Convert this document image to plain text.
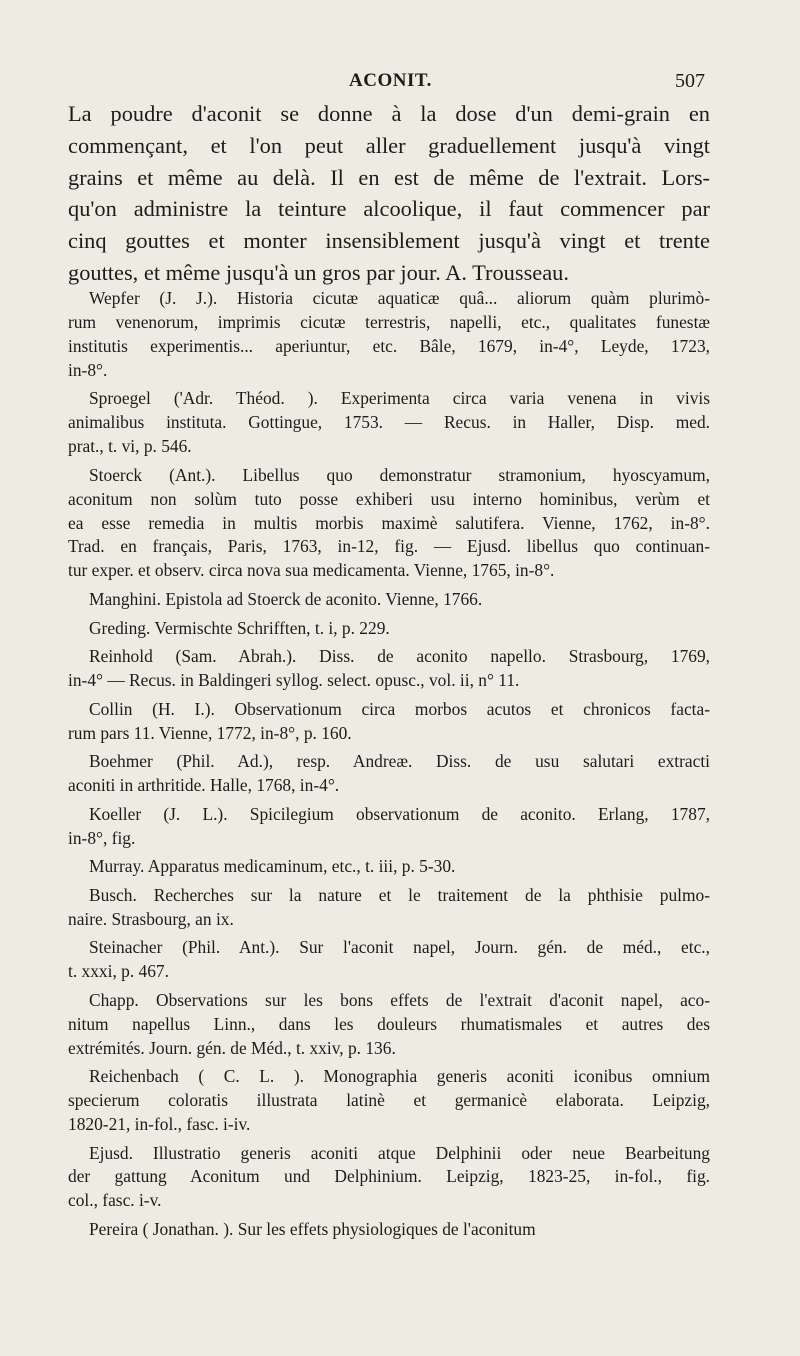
ACONIT.	507
La poudre d'aconit se donne à la dose d'un demi-grain en
commençant, et l'on peut aller graduellement jusqu'à vingt
grains et même au delà. Il en est de même de l'extrait. Lors-
qu'on administre la teinture alcoolique, il faut commencer par
cinq gouttes et monter insensiblement jusqu'à vingt et trente
gouttes, et même jusqu'à un gros par jour. A. Trousseau.
Wepfer (J. J.). Historia cicutæ aquaticæ quâ... aliorum quàm plurimò-
rum venenorum, imprimis cicutæ terrestris, napelli, etc., qualitates funestæ
institutis experimentis... aperiuntur, etc. Bâle, 1679, in-4°, Leyde, 1723,
in-8°.
Sproegel ('Adr. Théod. ). Experimenta circa varia venena in vivis
animalibus instituta. Gottingue, 1753. — Recus. in Haller, Disp. med.
prat., t. vi, p. 546.
Stoerck (Ant.). Libellus quo demonstratur stramonium, hyoscyamum,
aconitum non solùm tuto posse exhiberi usu interno hominibus, verùm et
ea esse remedia in multis morbis maximè salutifera. Vienne, 1762, in-8°.
Trad. en français, Paris, 1763, in-12, fig. — Ejusd. libellus quo continuan-
tur exper. et observ. circa nova sua medicamenta. Vienne, 1765, in-8°.
Manghini. Epistola ad Stoerck de aconito. Vienne, 1766.
Greding. Vermischte Schrifften, t. i, p. 229.
Reinhold (Sam. Abrah.). Diss. de aconito napello. Strasbourg, 1769,
in-4° — Recus. in Baldingeri syllog. select. opusc., vol. ii, n° 11.
Collin (H. I.). Observationum circa morbos acutos et chronicos facta-
rum pars 11. Vienne, 1772, in-8°, p. 160.
Boehmer (Phil. Ad.), resp. Andreæ. Diss. de usu salutari extracti
aconiti in arthritide. Halle, 1768, in-4°.
Koeller (J. L.). Spicilegium observationum de aconito. Erlang, 1787,
in-8°, fig.
Murray. Apparatus medicaminum, etc., t. iii, p. 5-30.
Busch. Recherches sur la nature et le traitement de la phthisie pulmo-
naire. Strasbourg, an ix.
Steinacher (Phil. Ant.). Sur l'aconit napel, Journ. gén. de méd., etc.,
t. xxxi, p. 467.
Chapp. Observations sur les bons effets de l'extrait d'aconit napel, aco-
nitum napellus Linn., dans les douleurs rhumatismales et autres des
extrémités. Journ. gén. de Méd., t. xxiv, p. 136.
Reichenbach ( C. L. ). Monographia generis aconiti iconibus omnium
specierum coloratis illustrata latinè et germanicè elaborata. Leipzig,
1820-21, in-fol., fasc. i-iv.
Ejusd. Illustratio generis aconiti atque Delphinii oder neue Bearbeitung
der gattung Aconitum und Delphinium. Leipzig, 1823-25, in-fol., fig.
col., fasc. i-v.
Pereira ( Jonathan. ). Sur les effets physiologiques de l'aconitum
